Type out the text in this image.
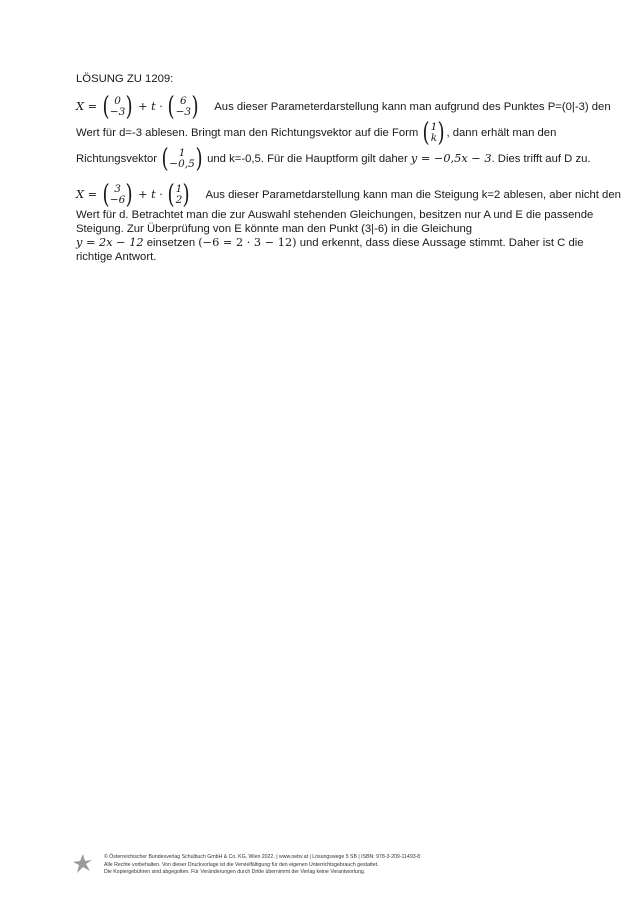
LÖSUNG ZU 1209:

X = ( 0
−3 ) + t · ( 6
−3 ) Aus dieser Parameterdarstellung kann man aufgrund des Punktes P=(0|-3) den

Wert für d=-3 ablesen. Bringt man den Richtungsvektor auf die Form ( 1
k ) , dann erhält man den

Richtungsvektor ( 1
−0,5 ) und k=-0,5. Für die Hauptform gilt daher y = −0,5x − 3. Dies trifft auf D zu.

X = ( 3
−6 ) + t · ( 1
2 ) Aus dieser Parametdarstellung kann man die Steigung k=2 ablesen, aber nicht den

Wert für d. Betrachtet man die zur Auswahl stehenden Gleichungen, besitzen nur A und E die passende

Steigung. Zur Überprüfung von E könnte man den Punkt (3|-6) in die Gleichung

y = 2x − 12 einsetzen (−6 = 2 · 3 − 12) und erkennt, dass diese Aussage stimmt. Daher ist C die

richtige Antwort.

© Österreichischer Bundesverlag Schulbuch GmbH & Co. KG, Wien 2022. | www.oebv.at | Lösungswege 5 SB | ISBN: 978-3-209-11493-8
Alle Rechte vorbehalten. Von dieser Druckvorlage ist die Vervielfältigung für den eigenen Unterrichtsgebrauch gestattet.
Die Kopiergebühren sind abgegolten. Für Veränderungen durch Dritte übernimmt der Verlag keine Verantwortung.
